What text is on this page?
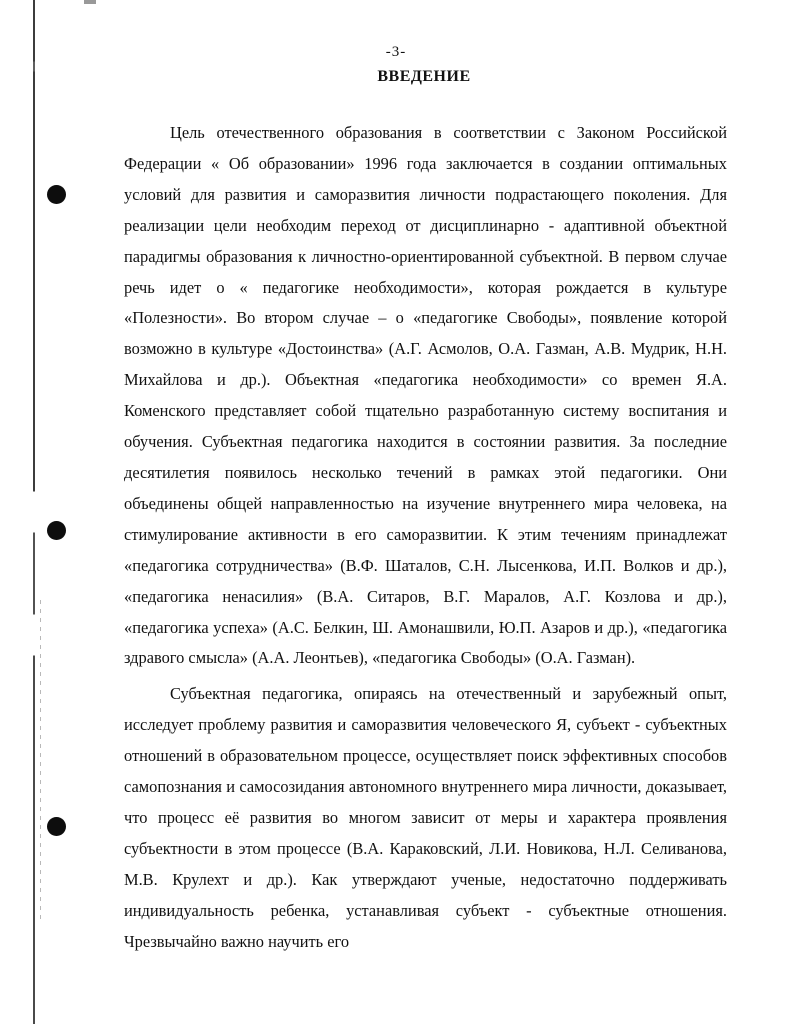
-3-
ВВЕДЕНИЕ

Цель отечественного образования в соответствии с Законом Российской Федерации « Об образовании» 1996 года заключается в создании оптимальных условий для развития и саморазвития личности подрастающего поколения. Для реализации цели необходим переход от дисциплинарно - адаптивной объектной парадигмы образования к личностно-ориентированной субъектной. В первом случае речь идет о « педагогике необходимости», которая рождается в культуре «Полезности». Во втором случае – о «педагогике Свободы», появление которой возможно в культуре «Достоинства» (А.Г. Асмолов, О.А. Газман, А.В. Мудрик, Н.Н. Михайлова и др.). Объектная «педагогика необходимости» со времен Я.А. Коменского представляет собой тщательно разработанную систему воспитания и обучения. Субъектная педагогика находится в состоянии развития. За последние десятилетия появилось несколько течений в рамках этой педагогики. Они объединены общей направленностью на изучение внутреннего мира человека, на стимулирование активности в его саморазвитии. К этим течениям принадлежат «педагогика сотрудничества» (В.Ф. Шаталов, С.Н. Лысенкова, И.П. Волков и др.), «педагогика ненасилия» (В.А. Ситаров, В.Г. Маралов, А.Г. Козлова и др.), «педагогика успеха» (А.С. Белкин, Ш. Амонашвили, Ю.П. Азаров и др.), «педагогика здравого смысла» (А.А. Леонтьев), «педагогика Свободы» (О.А. Газман).

Субъектная педагогика, опираясь на отечественный и зарубежный опыт, исследует проблему развития и саморазвития человеческого Я, субъект - субъектных отношений в образовательном процессе, осуществляет поиск эффективных способов самопознания и самосозидания автономного внутреннего мира личности, доказывает, что процесс её развития во многом зависит от меры и характера проявления субъектности в этом процессе (В.А. Караковский, Л.И. Новикова, Н.Л. Селиванова, М.В. Крулехт и др.). Как утверждают ученые, недостаточно поддерживать индивидуальность ребенка, устанавливая субъект - субъектные отношения. Чрезвычайно важно научить его
